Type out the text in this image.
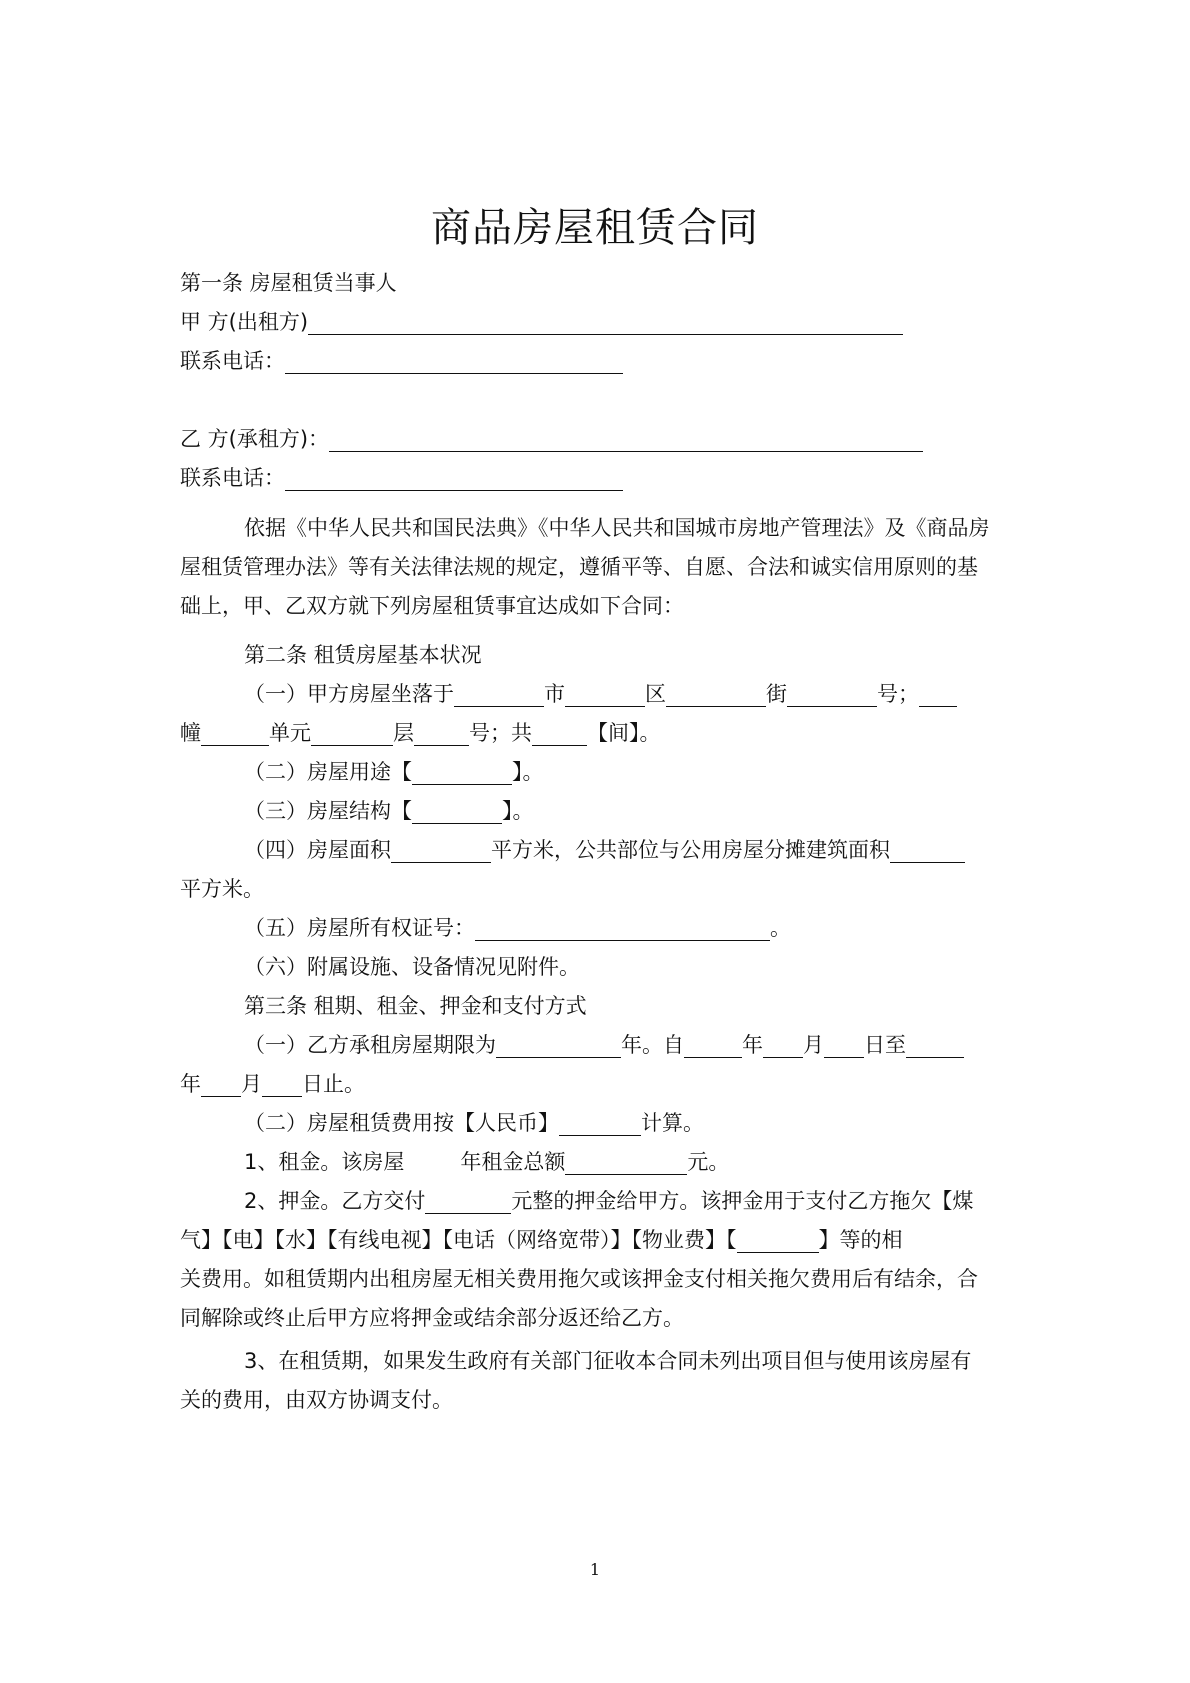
商品房屋租赁合同
第一条 房屋租赁当事人
甲 方(出租方)
联系电话：
乙 方(承租方)：
联系电话：
依据《中华人民共和国民法典》《中华人民共和国城市房地产管理法》及《商品房
屋租赁管理办法》等有关法律法规的规定，遵循平等、自愿、合法和诚实信用原则的基
础上，甲、乙双方就下列房屋租赁事宜达成如下合同：
第二条 租赁房屋基本状况
（一）甲方房屋坐落于	市	区	街	号；
幢	单元	层	号；共	【间】。
（二）房屋用途【	】。
（三）房屋结构【	】。
（四）房屋面积	平方米，公共部位与公用房屋分摊建筑面积
平方米。
（五）房屋所有权证号：	。
（六）附属设施、设备情况见附件。
第三条 租期、租金、押金和支付方式
（一）乙方承租房屋期限为	年。自	年 月 日至
年 月 日止。
（二）房屋租赁费用按【人民币】	计算。
1、租金。该房屋	年租金总额	元。
2、押金。乙方交付	元整的押金给甲方。该押金用于支付乙方拖欠【煤
气】【电】【水】【有线电视】【电话（网络宽带）】【物业费】【	】等的相
关费用。如租赁期内出租房屋无相关费用拖欠或该押金支付相关拖欠费用后有结余，合
同解除或终止后甲方应将押金或结余部分返还给乙方。
3、在租赁期，如果发生政府有关部门征收本合同未列出项目但与使用该房屋有
关的费用，由双方协调支付。
1
